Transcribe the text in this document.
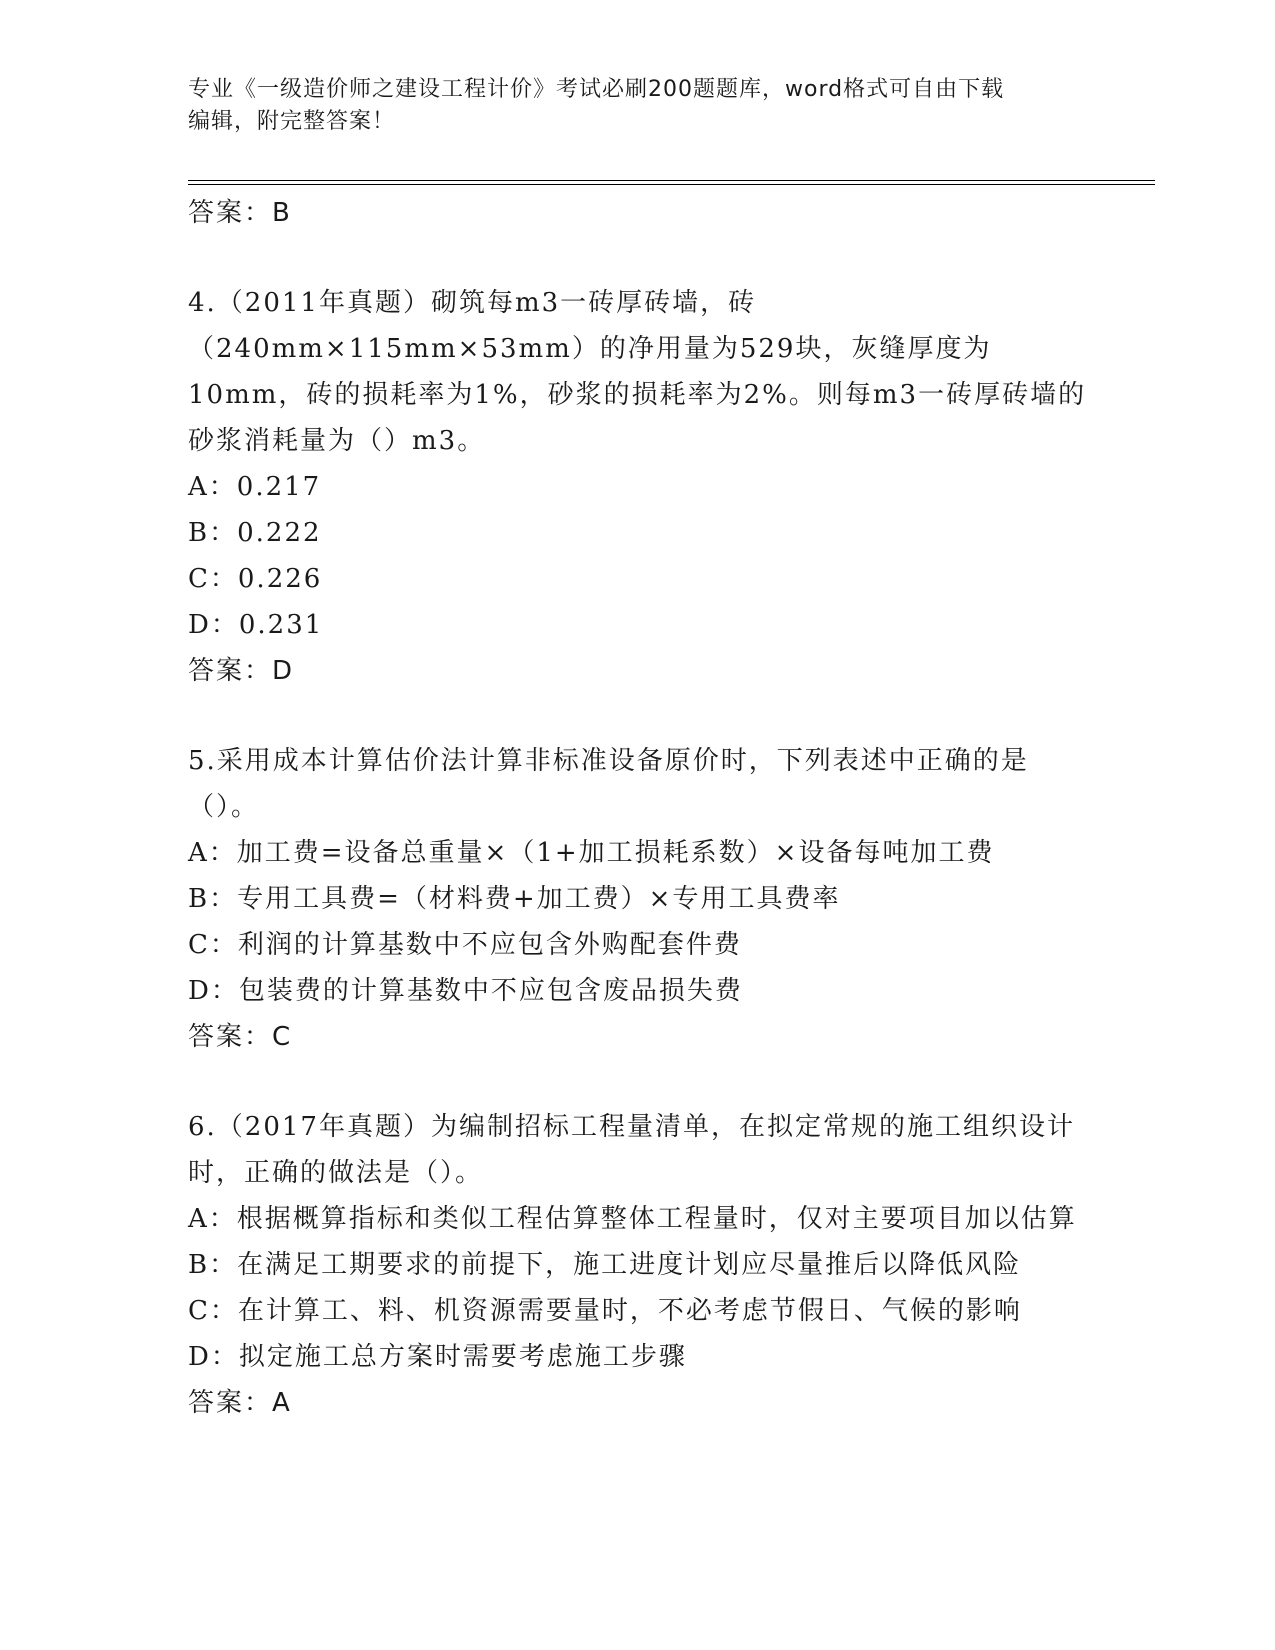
专业《一级造价师之建设工程计价》考试必刷200题题库，word格式可自由下载
编辑，附完整答案！
答案：B
4.（2011年真题）砌筑每m3一砖厚砖墙，砖（240mm×115mm×53mm）的净用量为529块，灰缝厚度为10mm，砖的损耗率为1%，砂浆的损耗率为2%。则每m3一砖厚砖墙的砂浆消耗量为（）m3。
A：0.217
B：0.222
C：0.226
D：0.231
答案：D
5.采用成本计算估价法计算非标准设备原价时，下列表述中正确的是（）。
A：加工费=设备总重量×（1+加工损耗系数）×设备每吨加工费
B：专用工具费=（材料费+加工费）×专用工具费率
C：利润的计算基数中不应包含外购配套件费
D：包装费的计算基数中不应包含废品损失费
答案：C
6.（2017年真题）为编制招标工程量清单，在拟定常规的施工组织设计时，正确的做法是（）。
A：根据概算指标和类似工程估算整体工程量时，仅对主要项目加以估算
B：在满足工期要求的前提下，施工进度计划应尽量推后以降低风险
C：在计算工、料、机资源需要量时，不必考虑节假日、气候的影响
D：拟定施工总方案时需要考虑施工步骤
答案：A
